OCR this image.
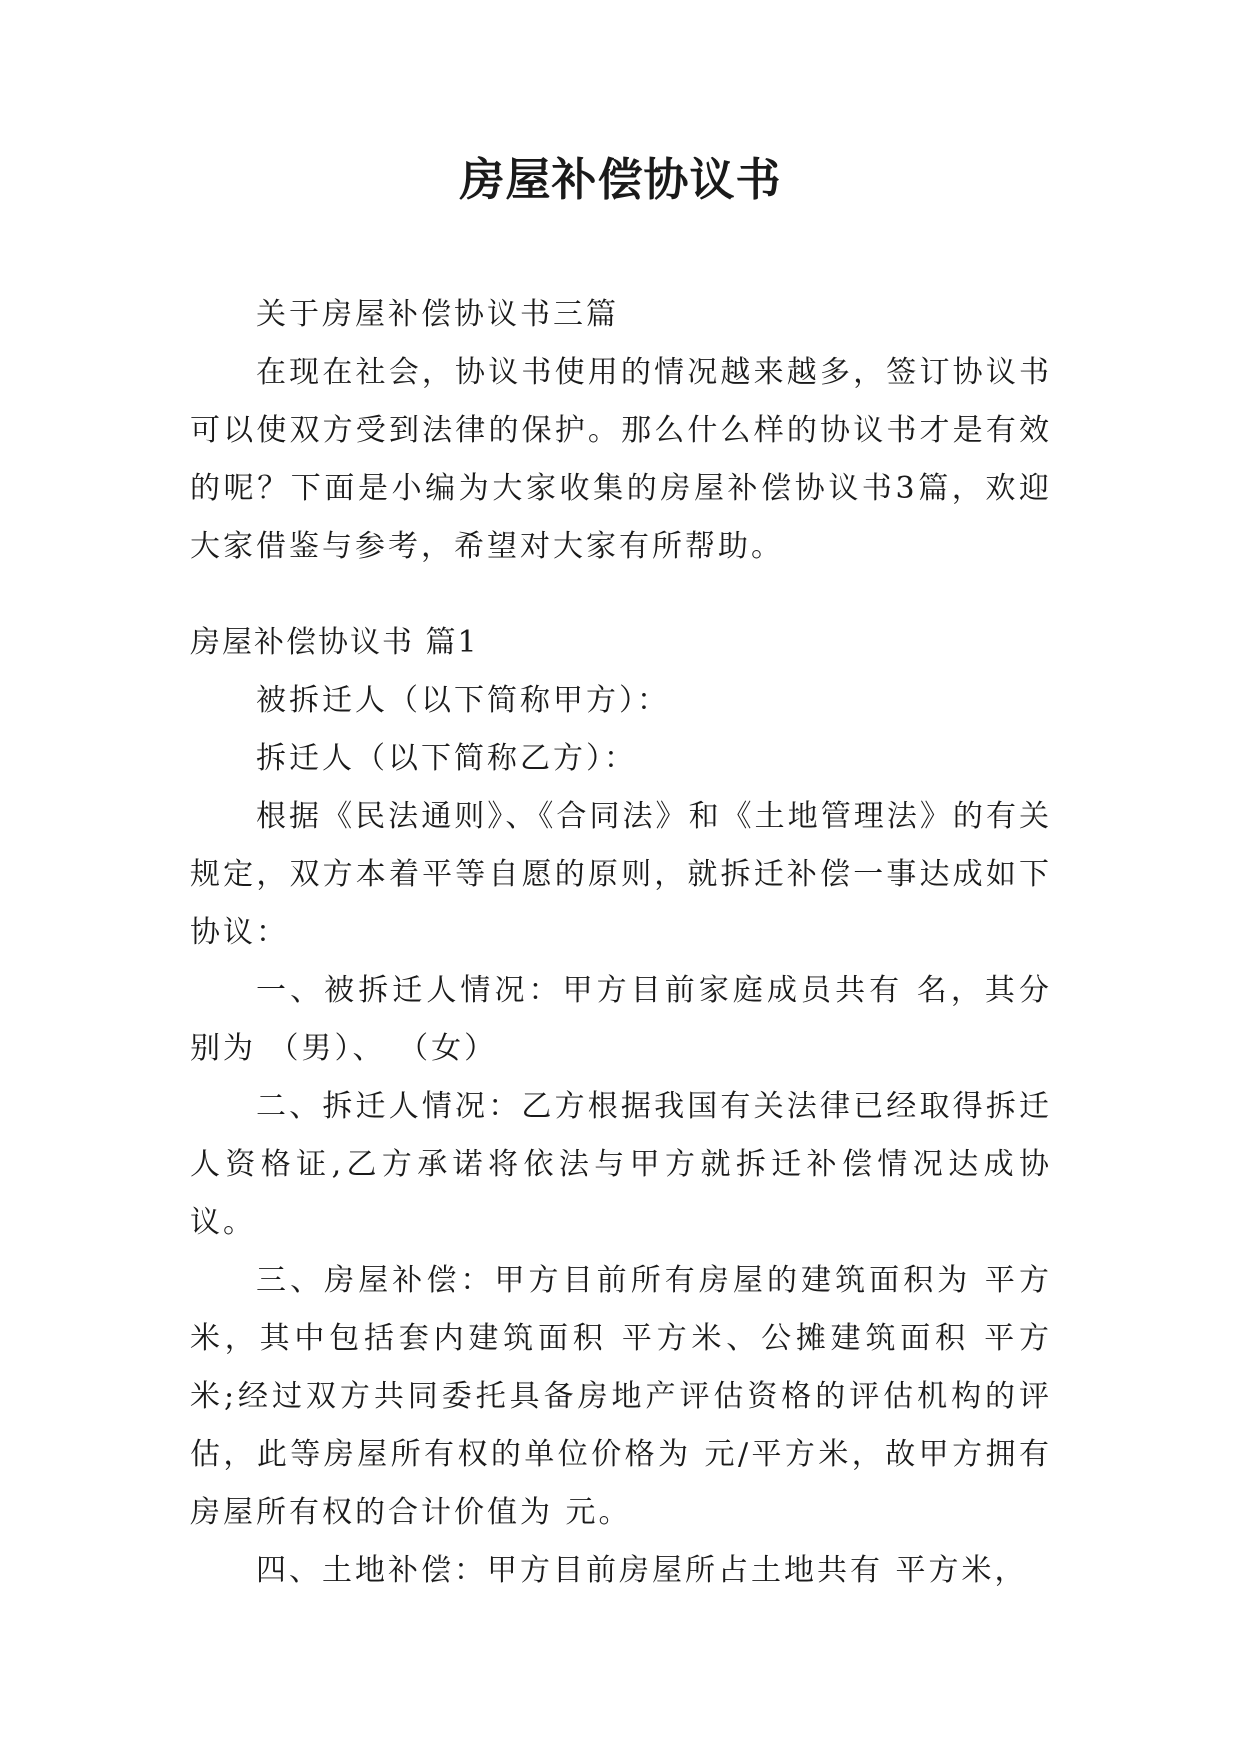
房屋补偿协议书

关于房屋补偿协议书三篇

在现在社会，协议书使用的情况越来越多，签订协议书可以使双方受到法律的保护。那么什么样的协议书才是有效的呢？下面是小编为大家收集的房屋补偿协议书3篇，欢迎大家借鉴与参考，希望对大家有所帮助。

房屋补偿协议书 篇1

被拆迁人（以下简称甲方）：

拆迁人（以下简称乙方）：

根据《民法通则》、《合同法》和《土地管理法》的有关规定，双方本着平等自愿的原则，就拆迁补偿一事达成如下协议：

一、被拆迁人情况：甲方目前家庭成员共有 名，其分别为 （男）、 （女）

二、拆迁人情况：乙方根据我国有关法律已经取得拆迁人资格证,乙方承诺将依法与甲方就拆迁补偿情况达成协议。

三、房屋补偿：甲方目前所有房屋的建筑面积为 平方米，其中包括套内建筑面积 平方米、公摊建筑面积 平方米;经过双方共同委托具备房地产评估资格的评估机构的评估，此等房屋所有权的单位价格为 元/平方米，故甲方拥有房屋所有权的合计价值为 元。

四、土地补偿：甲方目前房屋所占土地共有 平方米，
